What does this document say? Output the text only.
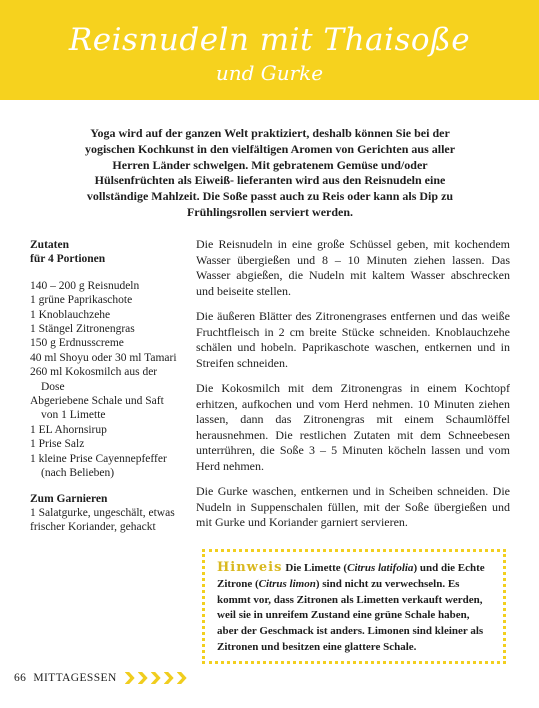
Reisnudeln mit Thaisoße
und Gurke
Yoga wird auf der ganzen Welt praktiziert, deshalb können Sie bei der yogischen Kochkunst in den vielfältigen Aromen von Gerichten aus aller Herren Länder schwelgen. Mit gebratenem Gemüse und/oder Hülsenfrüchten als Eiweiß- lieferanten wird aus den Reisnudeln eine vollständige Mahlzeit. Die Soße passt auch zu Reis oder kann als Dip zu Frühlingsrollen serviert werden.
Zutaten
für 4 Portionen
140 – 200 g Reisnudeln
1 grüne Paprikaschote
1 Knoblauchzehe
1 Stängel Zitronengras
150 g Erdnusscreme
40 ml Shoyu oder 30 ml Tamari
260 ml Kokosmilch aus der Dose
Abgeriebene Schale und Saft von 1 Limette
1 EL Ahornsirup
1 Prise Salz
1 kleine Prise Cayennepfeffer (nach Belieben)
Zum Garnieren
1 Salatgurke, ungeschält, etwas frischer Koriander, gehackt

Die Reisnudeln in eine große Schüssel geben, mit kochendem Wasser übergießen und 8 – 10 Minuten ziehen lassen. Das Wasser abgießen, die Nudeln mit kaltem Wasser abschrecken und beiseite stellen.

Die äußeren Blätter des Zitronengrases entfernen und das weiße Fruchtfleisch in 2 cm breite Stücke schneiden. Knoblauchzehe schälen und hobeln. Paprikaschote waschen, entkernen und in Streifen schneiden.

Die Kokosmilch mit dem Zitronengras in einem Kochtopf erhitzen, aufkochen und vom Herd nehmen. 10 Minuten ziehen lassen, dann das Zitronengras mit einem Schaumlöffel herausnehmen. Die restlichen Zutaten mit dem Schneebesen unterrühren, die Soße 3 – 5 Minuten köcheln lassen und vom Herd nehmen.

Die Gurke waschen, entkernen und in Scheiben schneiden. Die Nudeln in Suppenschalen füllen, mit der Soße übergießen und mit Gurke und Koriander garniert servieren.

Hinweis Die Limette (Citrus latifolia) und die Echte Zitrone (Citrus limon) sind nicht zu verwechseln. Es kommt vor, dass Zitronen als Limetten verkauft werden, weil sie in unreifem Zustand eine grüne Schale haben, aber der Geschmack ist anders. Limonen sind kleiner als Zitronen und besitzen eine glattere Schale.
66 MITTAGESSEN
